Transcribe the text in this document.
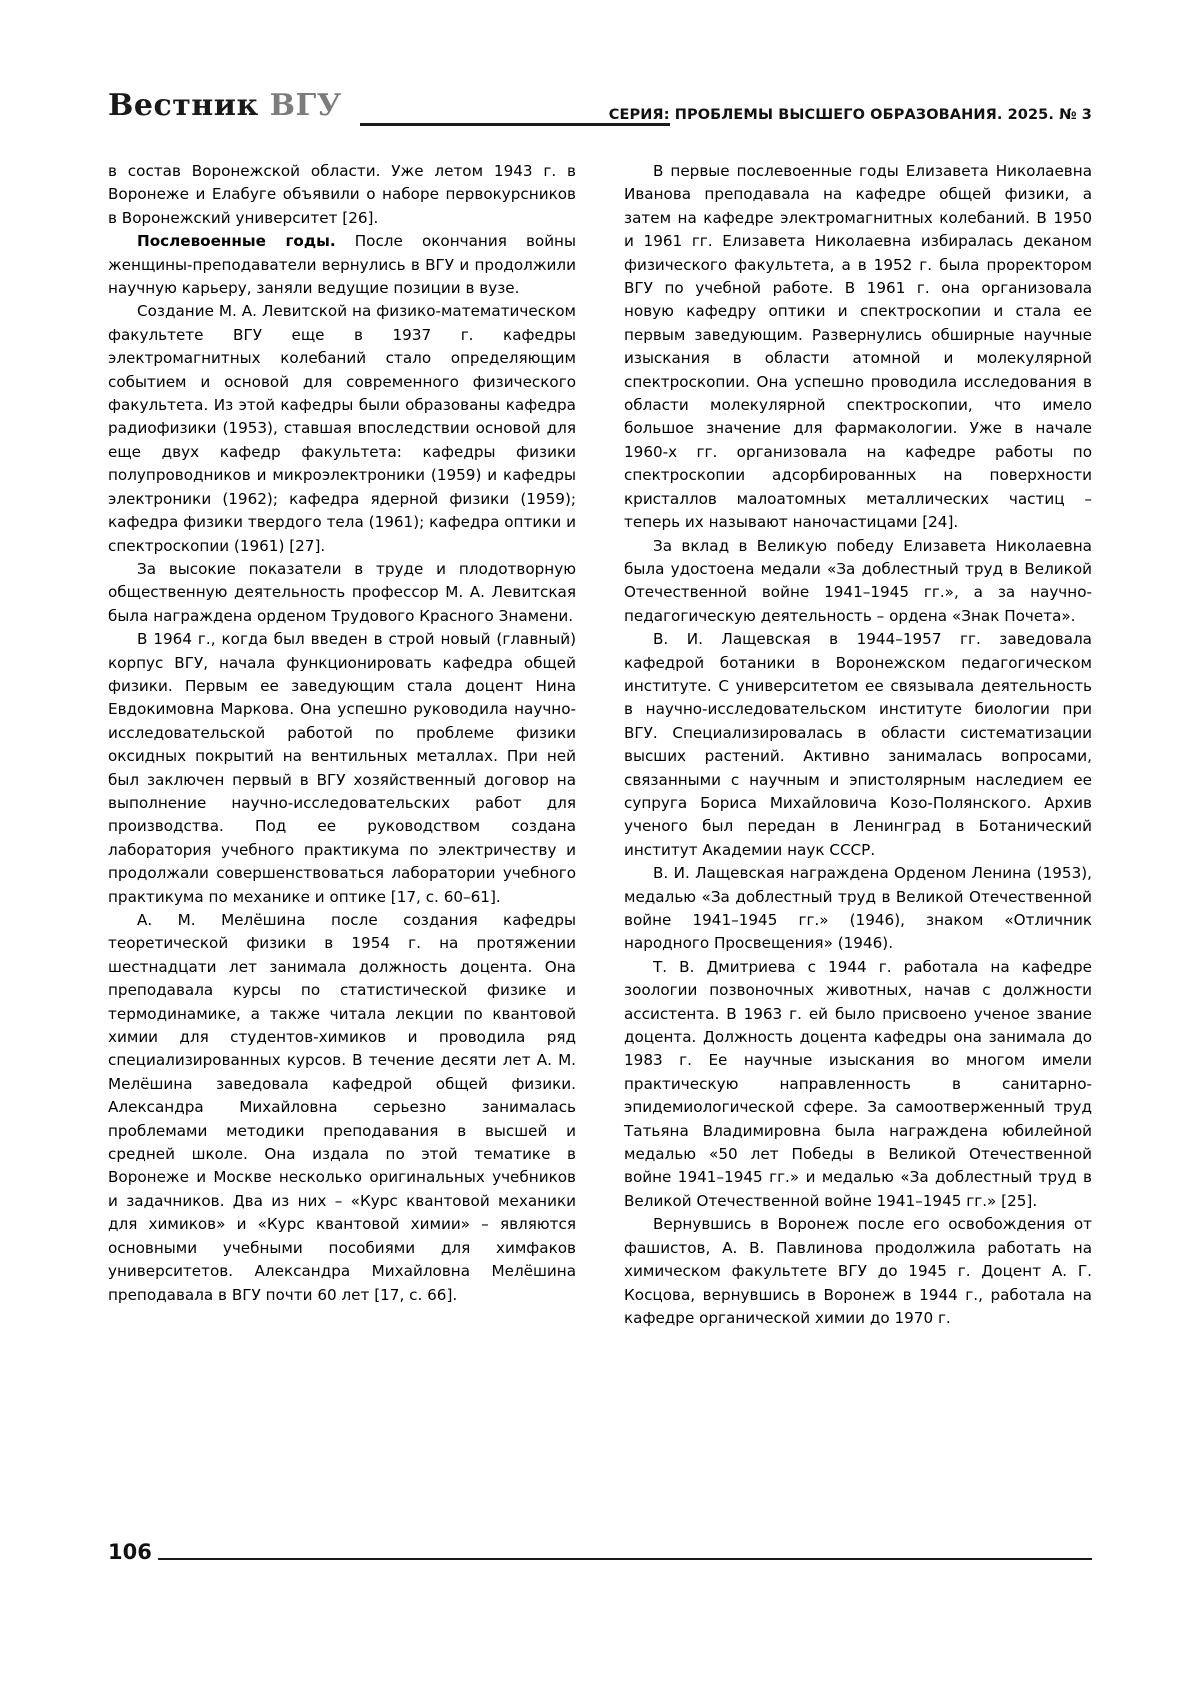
Вестник ВГУ	СЕРИЯ: ПРОБЛЕМЫ ВЫСШЕГО ОБРАЗОВАНИЯ. 2025. № 3

в состав Воронежской области. Уже летом 1943 г. в Воронеже и Елабуге объявили о наборе первокурсников в Воронежский университет [26].

Послевоенные годы. После окончания войны женщины-преподаватели вернулись в ВГУ и продолжили научную карьеру, заняли ведущие позиции в вузе.

Создание М. А. Левитской на физико-математическом факультете ВГУ еще в 1937 г. кафедры электромагнитных колебаний стало определяющим событием и основой для современного физического факультета. Из этой кафедры были образованы кафедра радиофизики (1953), ставшая впоследствии основой для еще двух кафедр факультета: кафедры физики полупроводников и микроэлектроники (1959) и кафедры электроники (1962); кафедра ядерной физики (1959); кафедра физики твердого тела (1961); кафедра оптики и спектроскопии (1961) [27].

За высокие показатели в труде и плодотворную общественную деятельность профессор М. А. Левитская была награждена орденом Трудового Красного Знамени.

В 1964 г., когда был введен в строй новый (главный) корпус ВГУ, начала функционировать кафедра общей физики. Первым ее заведующим стала доцент Нина Евдокимовна Маркова. Она успешно руководила научно-исследовательской работой по проблеме физики оксидных покрытий на вентильных металлах. При ней был заключен первый в ВГУ хозяйственный договор на выполнение научно-исследовательских работ для производства. Под ее руководством создана лаборатория учебного практикума по электричеству и продолжали совершенствоваться лаборатории учебного практикума по механике и оптике [17, с. 60–61].

А. М. Мелёшина после создания кафедры теоретической физики в 1954 г. на протяжении шестнадцати лет занимала должность доцента. Она преподавала курсы по статистической физике и термодинамике, а также читала лекции по квантовой химии для студентов-химиков и проводила ряд специализированных курсов. В течение десяти лет А. М. Мелёшина заведовала кафедрой общей физики. Александра Михайловна серьезно занималась проблемами методики преподавания в высшей и средней школе. Она издала по этой тематике в Воронеже и Москве несколько оригинальных учебников и задачников. Два из них – «Курс квантовой механики для химиков» и «Курс квантовой химии» – являются основными учебными пособиями для химфаков университетов. Александра Михайловна Мелёшина преподавала в ВГУ почти 60 лет [17, с. 66].

В первые послевоенные годы Елизавета Николаевна Иванова преподавала на кафедре общей физики, а затем на кафедре электромагнитных колебаний. В 1950 и 1961 гг. Елизавета Николаевна избиралась деканом физического факультета, а в 1952 г. была проректором ВГУ по учебной работе. В 1961 г. она организовала новую кафедру оптики и спектроскопии и стала ее первым заведующим. Развернулись обширные научные изыскания в области атомной и молекулярной спектроскопии. Она успешно проводила исследования в области молекулярной спектроскопии, что имело большое значение для фармакологии. Уже в начале 1960-х гг. организовала на кафедре работы по спектроскопии адсорбированных на поверхности кристаллов малоатомных металлических частиц – теперь их называют наночастицами [24].

За вклад в Великую победу Елизавета Николаевна была удостоена медали «За доблестный труд в Великой Отечественной войне 1941–1945 гг.», а за научно-педагогическую деятельность – ордена «Знак Почета».

В. И. Лащевская в 1944–1957 гг. заведовала кафедрой ботаники в Воронежском педагогическом институте. С университетом ее связывала деятельность в научно-исследовательском институте биологии при ВГУ. Специализировалась в области систематизации высших растений. Активно занималась вопросами, связанными с научным и эпистолярным наследием ее супруга Бориса Михайловича Козо-Полянского. Архив ученого был передан в Ленинград в Ботанический институт Академии наук СССР.

В. И. Лащевская награждена Орденом Ленина (1953), медалью «За доблестный труд в Великой Отечественной войне 1941–1945 гг.» (1946), знаком «Отличник народного Просвещения» (1946).

Т. В. Дмитриева с 1944 г. работала на кафедре зоологии позвоночных животных, начав с должности ассистента. В 1963 г. ей было присвоено ученое звание доцента. Должность доцента кафедры она занимала до 1983 г. Ее научные изыскания во многом имели практическую направленность в санитарно-эпидемиологической сфере. За самоотверженный труд Татьяна Владимировна была награждена юбилейной медалью «50 лет Победы в Великой Отечественной войне 1941–1945 гг.» и медалью «За доблестный труд в Великой Отечественной войне 1941–1945 гг.» [25].

Вернувшись в Воронеж после его освобождения от фашистов, А. В. Павлинова продолжила работать на химическом факультете ВГУ до 1945 г. Доцент А. Г. Косцова, вернувшись в Воронеж в 1944 г., работала на кафедре органической химии до 1970 г.

106
